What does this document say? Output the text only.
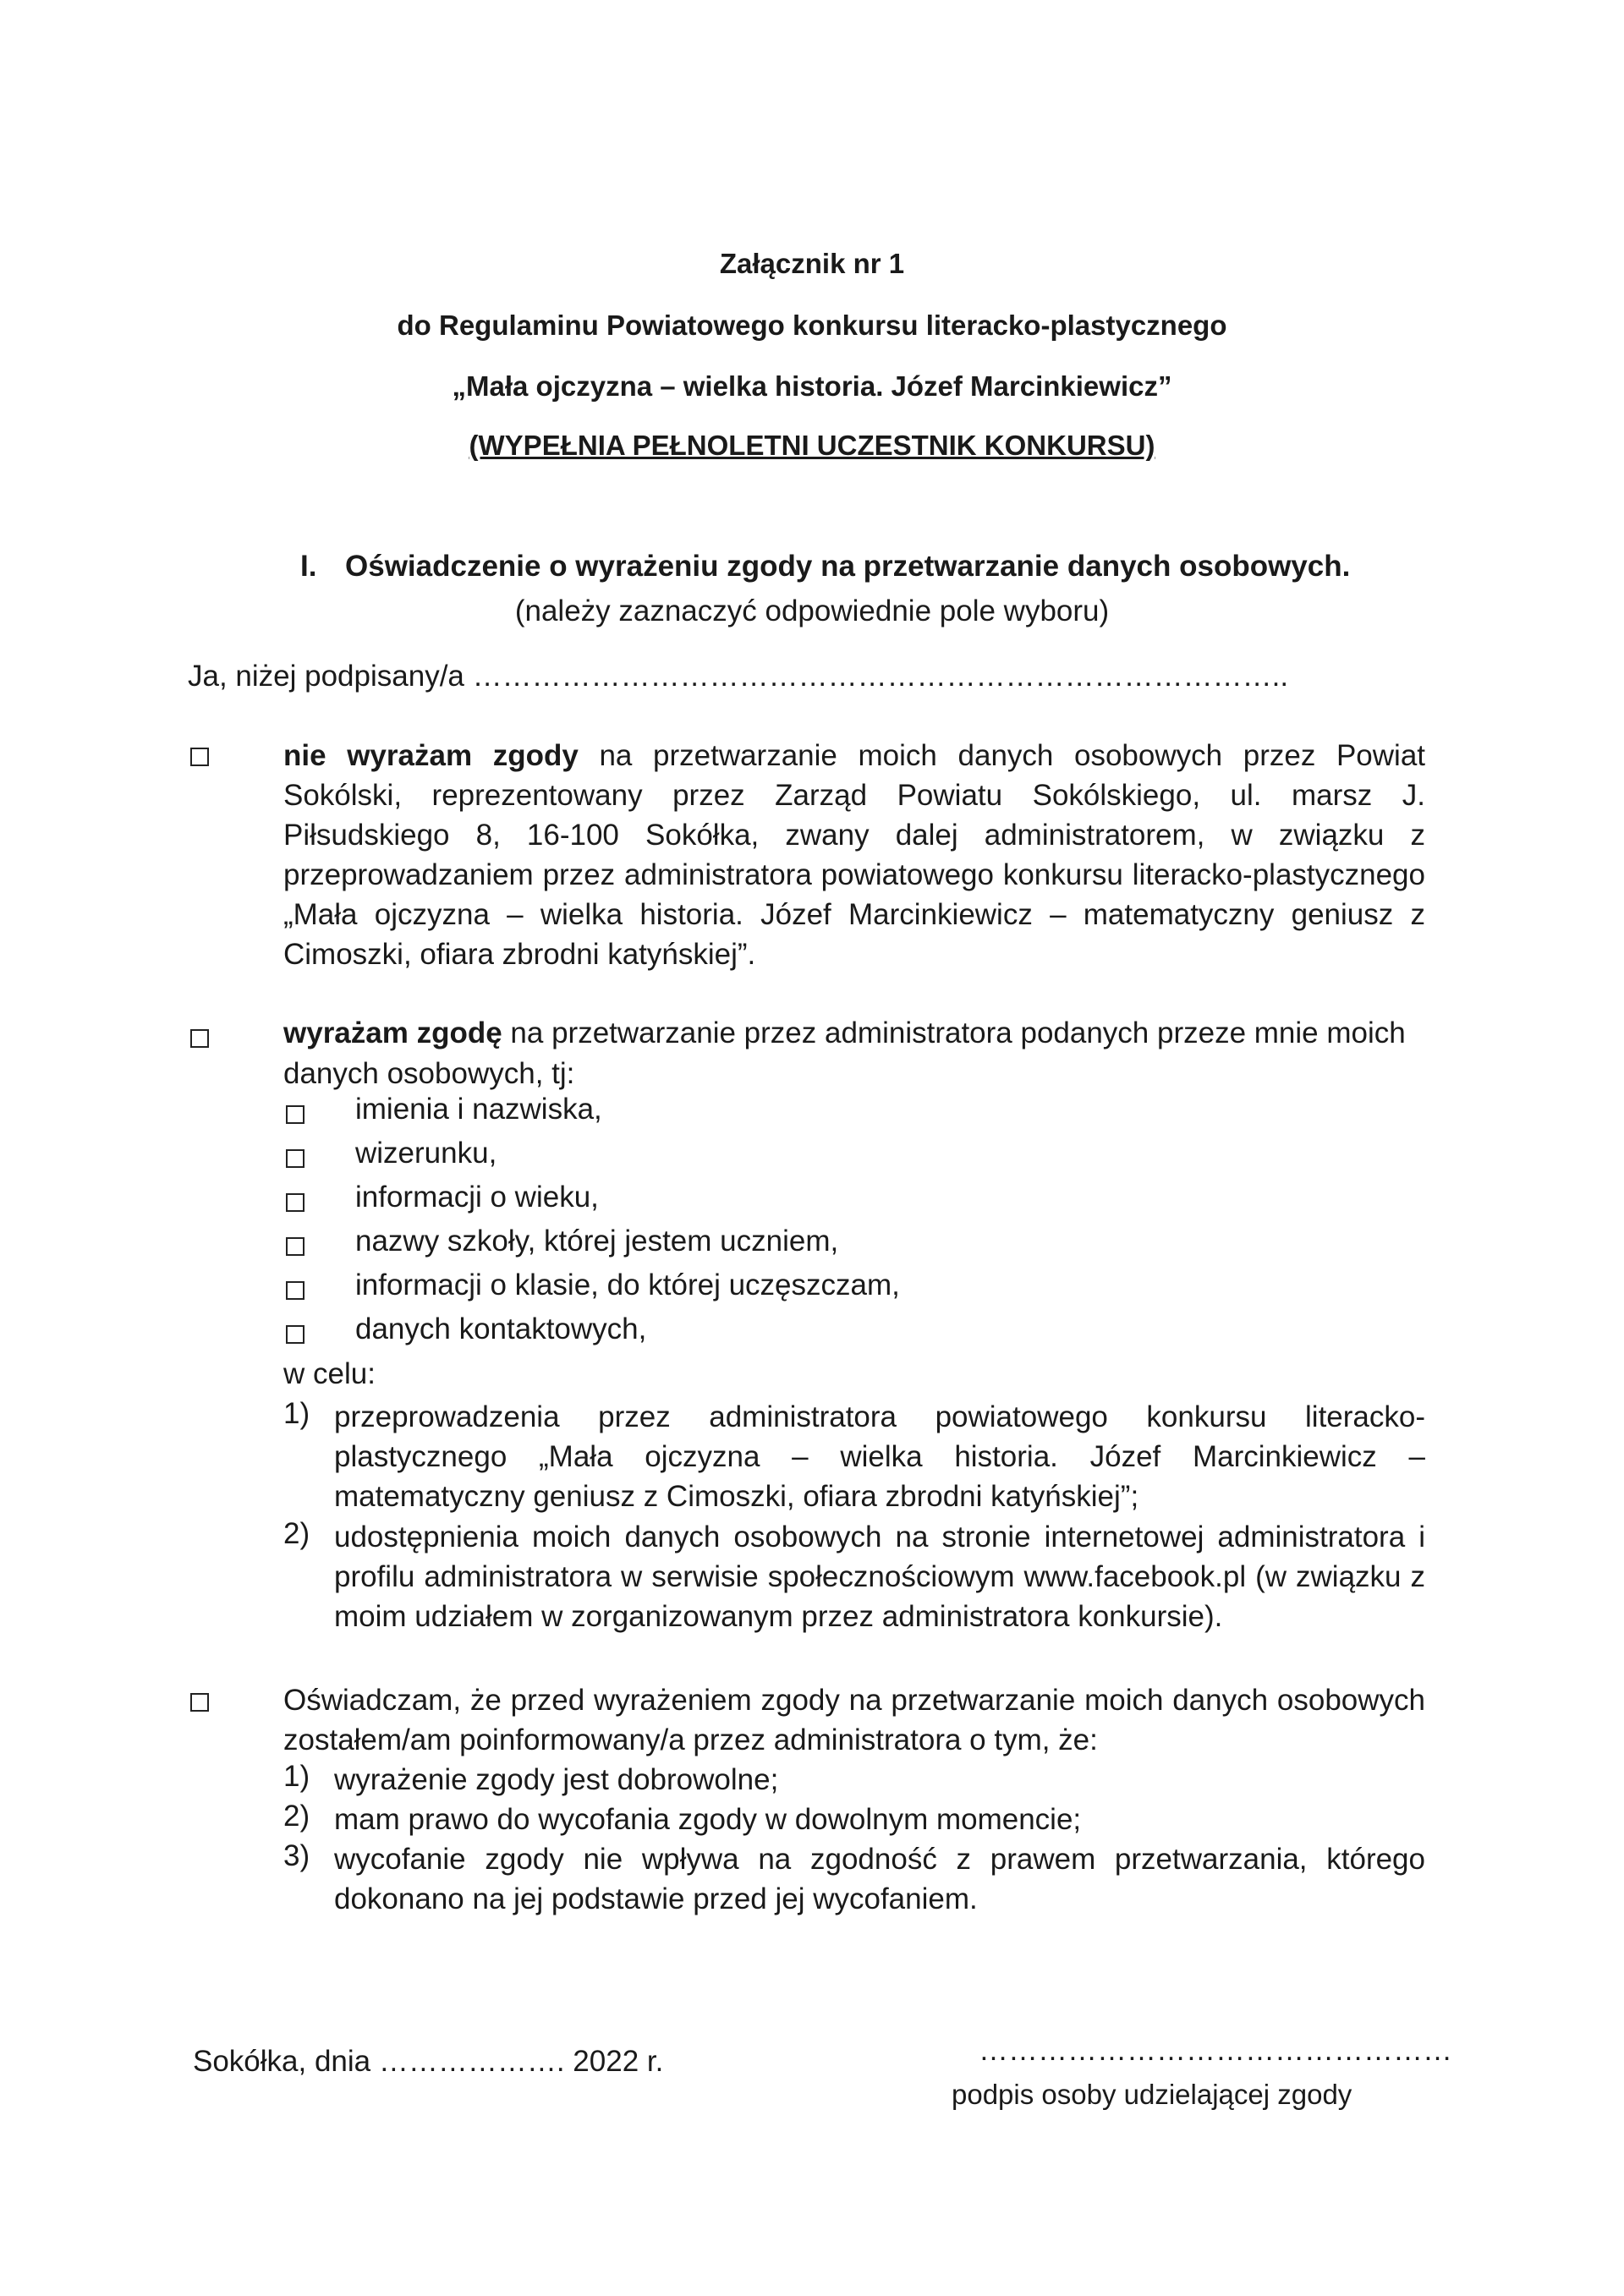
Załącznik nr 1
do Regulaminu Powiatowego konkursu literacko-plastycznego
„Mała ojczyzna – wielka historia. Józef Marcinkiewicz”
(WYPEŁNIA PEŁNOLETNI UCZESTNIK KONKURSU)
I. Oświadczenie o wyrażeniu zgody na przetwarzanie danych osobowych.
(należy zaznaczyć odpowiednie pole wyboru)
Ja, niżej podpisany/a ………………………………………………………………………..
nie wyrażam zgody na przetwarzanie moich danych osobowych przez Powiat Sokólski, reprezentowany przez Zarząd Powiatu Sokólskiego, ul. marsz J. Piłsudskiego 8, 16-100 Sokółka, zwany dalej administratorem, w związku z przeprowadzaniem przez administratora powiatowego konkursu literacko-plastycznego „Mała ojczyzna – wielka historia. Józef Marcinkiewicz – matematyczny geniusz z Cimoszki, ofiara zbrodni katyńskiej”.
wyrażam zgodę na przetwarzanie przez administratora podanych przeze mnie moich
danych osobowych, tj:
imienia i nazwiska,
wizerunku,
informacji o wieku,
nazwy szkoły, której jestem uczniem,
informacji o klasie, do której uczęszczam,
danych kontaktowych,
w celu:
1) przeprowadzenia przez administratora powiatowego konkursu literacko-plastycznego „Mała ojczyzna – wielka historia. Józef Marcinkiewicz – matematyczny geniusz z Cimoszki, ofiara zbrodni katyńskiej”;
2) udostępnienia moich danych osobowych na stronie internetowej administratora i profilu administratora w serwisie społecznościowym www.facebook.pl (w związku z moim udziałem w zorganizowanym przez administratora konkursie).
Oświadczam, że przed wyrażeniem zgody na przetwarzanie moich danych osobowych zostałem/am poinformowany/a przez administratora o tym, że:
1) wyrażenie zgody jest dobrowolne;
2) mam prawo do wycofania zgody w dowolnym momencie;
3) wycofanie zgody nie wpływa na zgodność z prawem przetwarzania, którego dokonano na jej podstawie przed jej wycofaniem.
Sokółka, dnia ………………. 2022 r.	…………………………………………
podpis osoby udzielającej zgody
